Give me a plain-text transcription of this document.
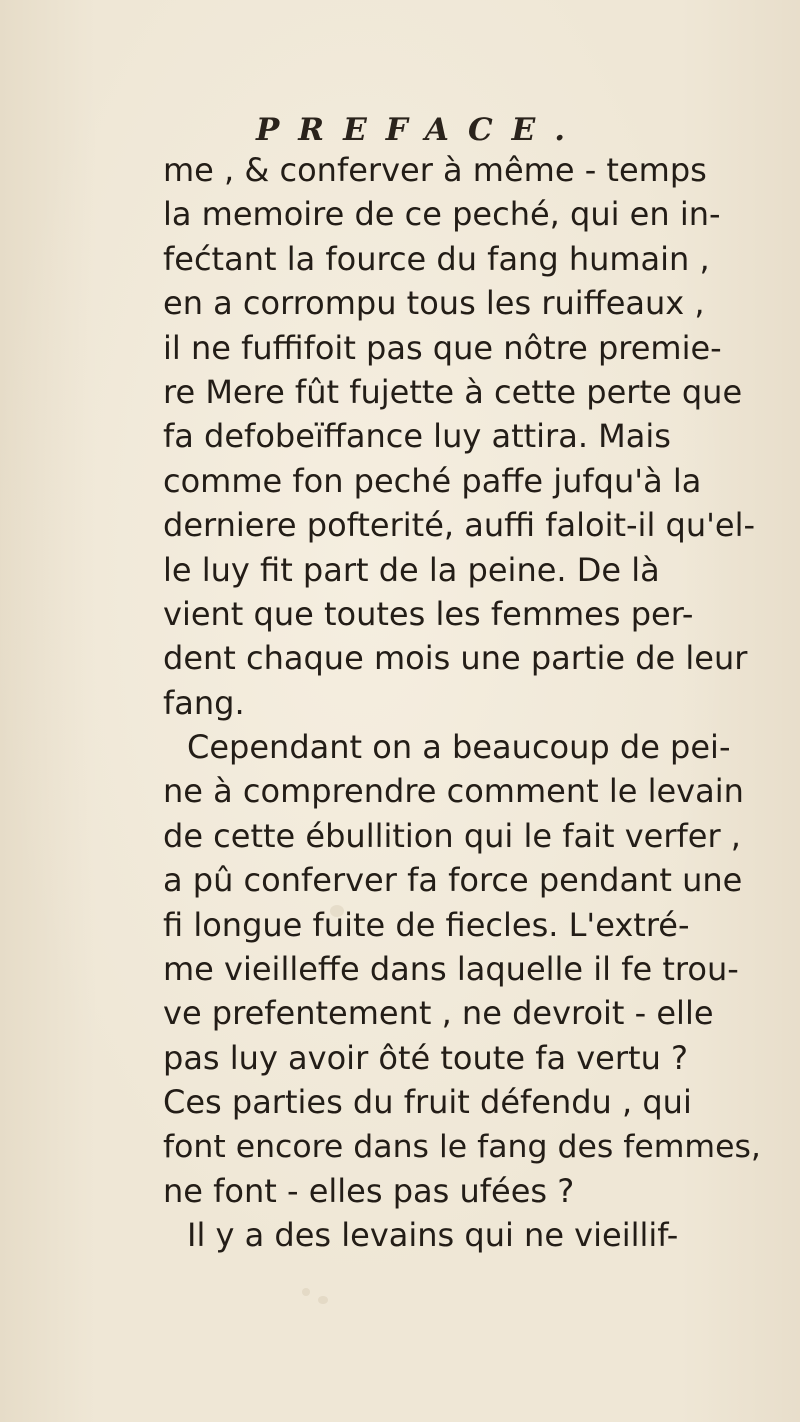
PREFACE.
me , & conferver à même - temps
la memoire de ce peché, qui en in-
fećtant la fource du fang humain ,
en a corrompu tous les ruiffeaux ,
il ne fuffifoit pas que nôtre premie-
re Mere fût fujette à cette perte que
fa defobeïffance luy attira. Mais
comme fon peché paffe jufqu'à la
derniere pofterité, auffi faloit-il qu'el-
le luy fit part de la peine. De là
vient que toutes les femmes per-
dent chaque mois une partie de leur
fang.
Cependant on a beaucoup de pei-
ne à comprendre comment le levain
de cette ébullition qui le fait verfer ,
a pû conferver fa force pendant une
fi longue fuite de fiecles. L'extré-
me vieilleffe dans laquelle il fe trou-
ve prefentement , ne devroit - elle
pas luy avoir ôté toute fa vertu ?
Ces parties du fruit défendu , qui
font encore dans le fang des femmes,
ne font - elles pas ufées ?
Il y a des levains qui ne vieillif-
